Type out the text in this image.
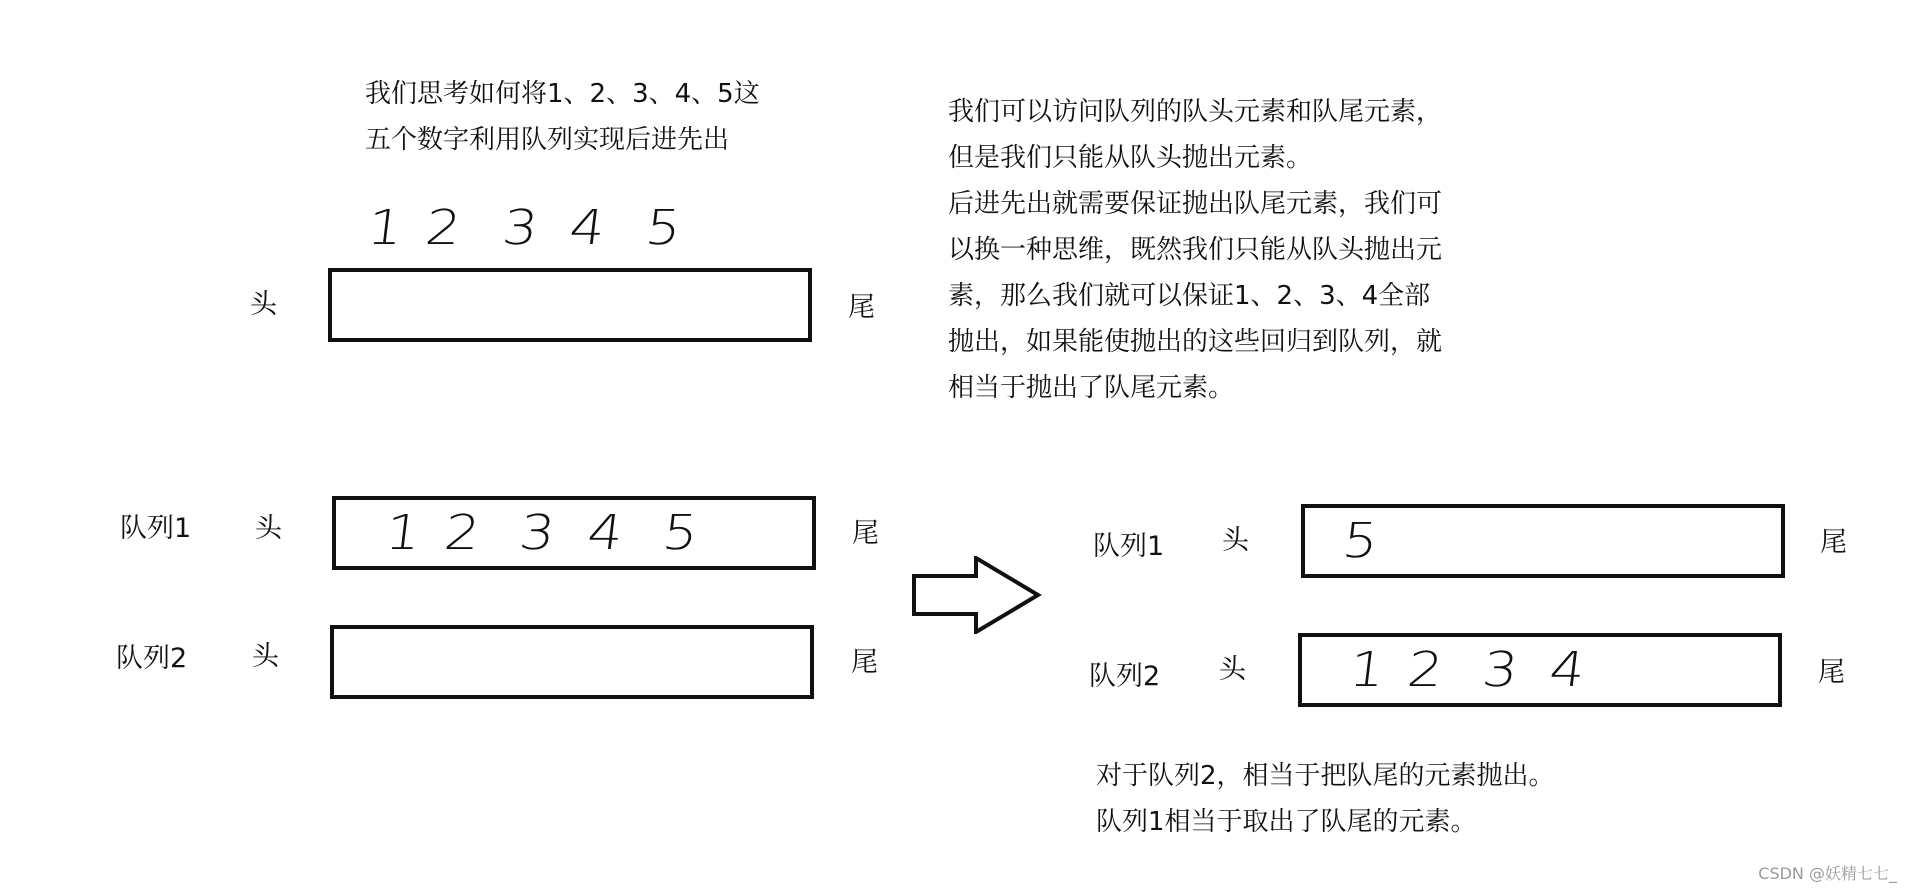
我们思考如何将1、2、3、4、5这
五个数字利用队列实现后进先出
1 2 3 4 5
头	尾
我们可以访问队列的队头元素和队尾元素，
但是我们只能从队头抛出元素。
后进先出就需要保证抛出队尾元素，我们可
以换一种思维，既然我们只能从队头抛出元
素，那么我们就可以保证1、2、3、4全部
抛出，如果能使抛出的这些回归到队列，就
相当于抛出了队尾元素。
队列1 头 1 2 3 4 5	尾
队列2 头	尾
队列1 头 5	尾
队列2 头 1 2 3 4	尾
对于队列2，相当于把队尾的元素抛出。
队列1相当于取出了队尾的元素。
CSDN @妖精七七_
